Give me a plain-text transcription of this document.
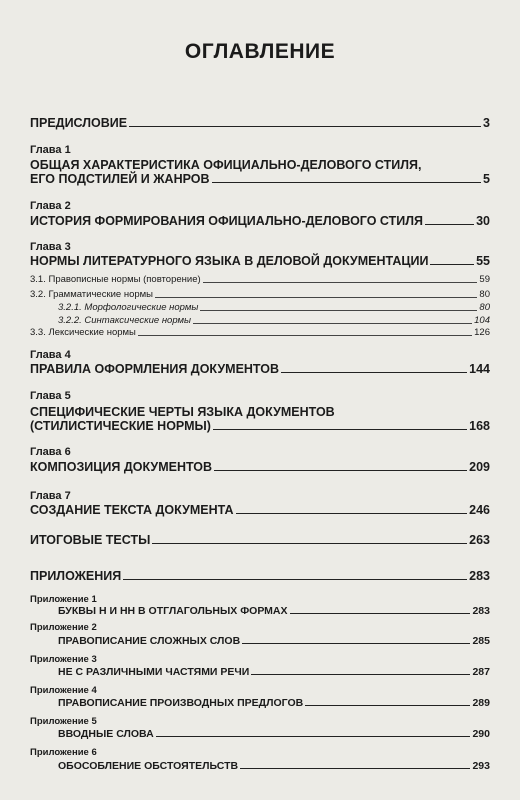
ОГЛАВЛЕНИЕ
ПРЕДИСЛОВИЕ	3
Глава 1
ОБЩАЯ ХАРАКТЕРИСТИКА ОФИЦИАЛЬНО-ДЕЛОВОГО СТИЛЯ,
ЕГО ПОДСТИЛЕЙ И ЖАНРОВ	5
Глава 2
ИСТОРИЯ ФОРМИРОВАНИЯ ОФИЦИАЛЬНО-ДЕЛОВОГО СТИЛЯ	30
Глава 3
НОРМЫ ЛИТЕРАТУРНОГО ЯЗЫКА В ДЕЛОВОЙ ДОКУМЕНТАЦИИ	55
3.1. Правописные нормы (повторение)	59
3.2. Грамматические нормы	80
3.2.1. Морфологические нормы	80
3.2.2. Синтаксические нормы	104
3.3. Лексические нормы	126
Глава 4
ПРАВИЛА ОФОРМЛЕНИЯ ДОКУМЕНТОВ	144
Глава 5
СПЕЦИФИЧЕСКИЕ ЧЕРТЫ ЯЗЫКА ДОКУМЕНТОВ
(СТИЛИСТИЧЕСКИЕ НОРМЫ)	168
Глава 6
КОМПОЗИЦИЯ ДОКУМЕНТОВ	209
Глава 7
СОЗДАНИЕ ТЕКСТА ДОКУМЕНТА	246
ИТОГОВЫЕ ТЕСТЫ	263
ПРИЛОЖЕНИЯ	283
Приложение 1
БУКВЫ Н И НН В ОТГЛАГОЛЬНЫХ ФОРМАХ	283
Приложение 2
ПРАВОПИСАНИЕ СЛОЖНЫХ СЛОВ	285
Приложение 3
НЕ С РАЗЛИЧНЫМИ ЧАСТЯМИ РЕЧИ	287
Приложение 4
ПРАВОПИСАНИЕ ПРОИЗВОДНЫХ ПРЕДЛОГОВ	289
Приложение 5
ВВОДНЫЕ СЛОВА	290
Приложение 6
ОБОСОБЛЕНИЕ ОБСТОЯТЕЛЬСТВ	293
